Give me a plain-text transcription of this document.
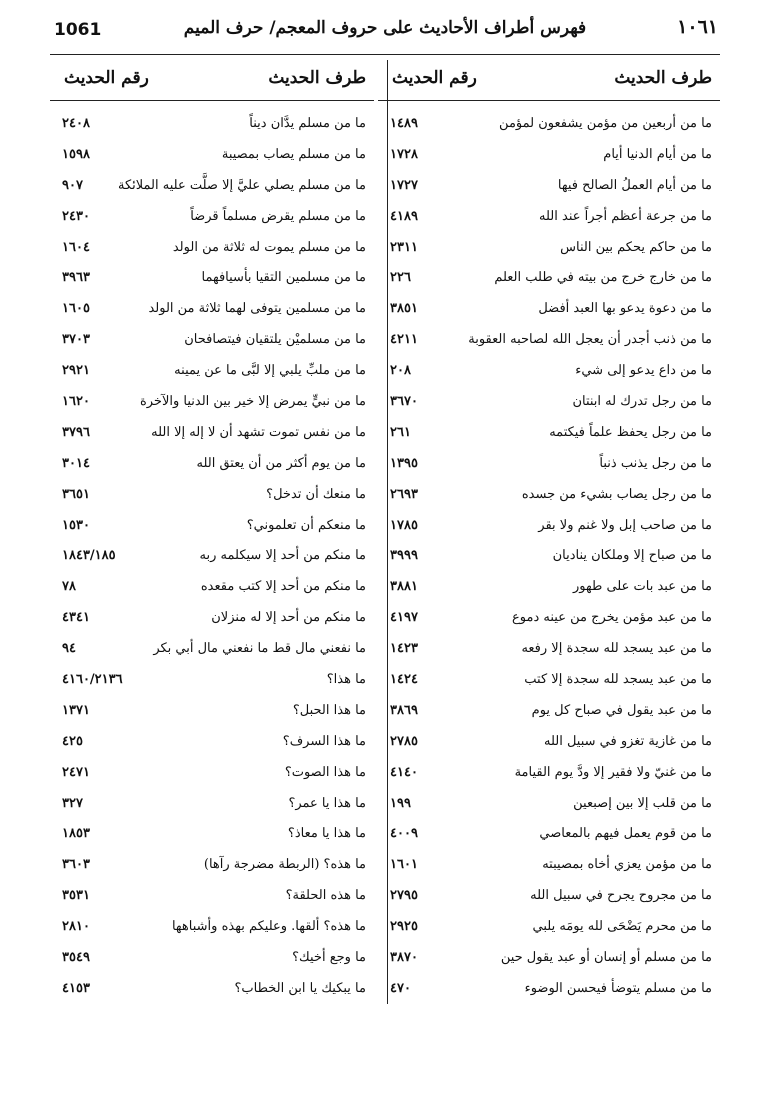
1061	فهرس أطراف الأحاديث على حروف المعجم/ حرف الميم	١٠٦١
طرف الحديث
رقم الحديث
طرف الحديث
رقم الحديث
ما من أربعين من مؤمن يشفعون لمؤمن
١٤٨٩
ما من أيام الدنيا أيام
١٧٢٨
ما من أيام العملُ الصالح فيها
١٧٢٧
ما من جرعة أعظم أجراً عند الله
٤١٨٩
ما من حاكم يحكم بين الناس
٢٣١١
ما من خارج خرج من بيته في طلب العلم
٢٢٦
ما من دعوة يدعو بها العبد أفضل
٣٨٥١
ما من ذنب أجدر أن يعجل الله لصاحبه العقوبة
٤٢١١
ما من داع يدعو إلى شيء
٢٠٨
ما من رجل تدرك له ابنتان
٣٦٧٠
ما من رجل يحفظ علماً فيكتمه
٢٦١
ما من رجل يذنب ذنباً
١٣٩٥
ما من رجل يصاب بشيء من جسده
٢٦٩٣
ما من صاحب إبل ولا غنم ولا بقر
١٧٨٥
ما من صباح إلا وملكان يناديان
٣٩٩٩
ما من عبد بات على طهور
٣٨٨١
ما من عبد مؤمن يخرج من عينه دموع
٤١٩٧
ما من عبد يسجد لله سجدة إلا رفعه
١٤٢٣
ما من عبد يسجد لله سجدة إلا كتب
١٤٢٤
ما من عبد يقول في صباح كل يوم
٣٨٦٩
ما من غازية تغزو في سبيل الله
٢٧٨٥
ما من غنيّ ولا فقير إلا ودَّ يوم القيامة
٤١٤٠
ما من قلب إلا بين إصبعين
١٩٩
ما من قوم يعمل فيهم بالمعاصي
٤٠٠٩
ما من مؤمن يعزي أخاه بمصيبته
١٦٠١
ما من مجروح يجرح في سبيل الله
٢٧٩٥
ما من محرم يَضْحَى لله يومَه يلبي
٢٩٢٥
ما من مسلم أو إنسان أو عبد يقول حين
٣٨٧٠
ما من مسلم يتوضأ فيحسن الوضوء
٤٧٠
ما من مسلم يدَّان ديناً
٢٤٠٨
ما من مسلم يصاب بمصيبة
١٥٩٨
ما من مسلم يصلي عليَّ إلا صلَّت عليه الملائكة
٩٠٧
ما من مسلم يقرض مسلماً قرضاً
٢٤٣٠
ما من مسلم يموت له ثلاثة من الولد
١٦٠٤
ما من مسلمين التقيا بأسيافهما
٣٩٦٣
ما من مسلمين يتوفى لهما ثلاثة من الولد
١٦٠٥
ما من مسلميْن يلتقيان فيتصافحان
٣٧٠٣
ما من ملبِّ يلبي إلا لبَّى ما عن يمينه
٢٩٢١
ما من نبيٍّ يمرض إلا خير بين الدنيا والآخرة
١٦٢٠
ما من نفس تموت تشهد أن لا إله إلا الله
٣٧٩٦
ما من يوم أكثر من أن يعتق الله
٣٠١٤
ما منعك أن تدخل؟
٣٦٥١
ما منعكم أن تعلموني؟
١٥٣٠
ما منكم من أحد إلا سيكلمه ربه
١٨٤٣/١٨٥
ما منكم من أحد إلا كتب مقعده
٧٨
ما منكم من أحد إلا له منزلان
٤٣٤١
ما نفعني مال قط ما نفعني مال أبي بكر
٩٤
ما هذا؟
٤١٦٠/٢١٣٦
ما هذا الحبل؟
١٣٧١
ما هذا السرف؟
٤٢٥
ما هذا الصوت؟
٢٤٧١
ما هذا يا عمر؟
٣٢٧
ما هذا يا معاذ؟
١٨٥٣
ما هذه؟ (الربطة مضرجة رآها)
٣٦٠٣
ما هذه الحلقة؟
٣٥٣١
ما هذه؟ ألقها. وعليكم بهذه وأشباهها
٢٨١٠
ما وجع أخيك؟
٣٥٤٩
ما يبكيك يا ابن الخطاب؟
٤١٥٣
